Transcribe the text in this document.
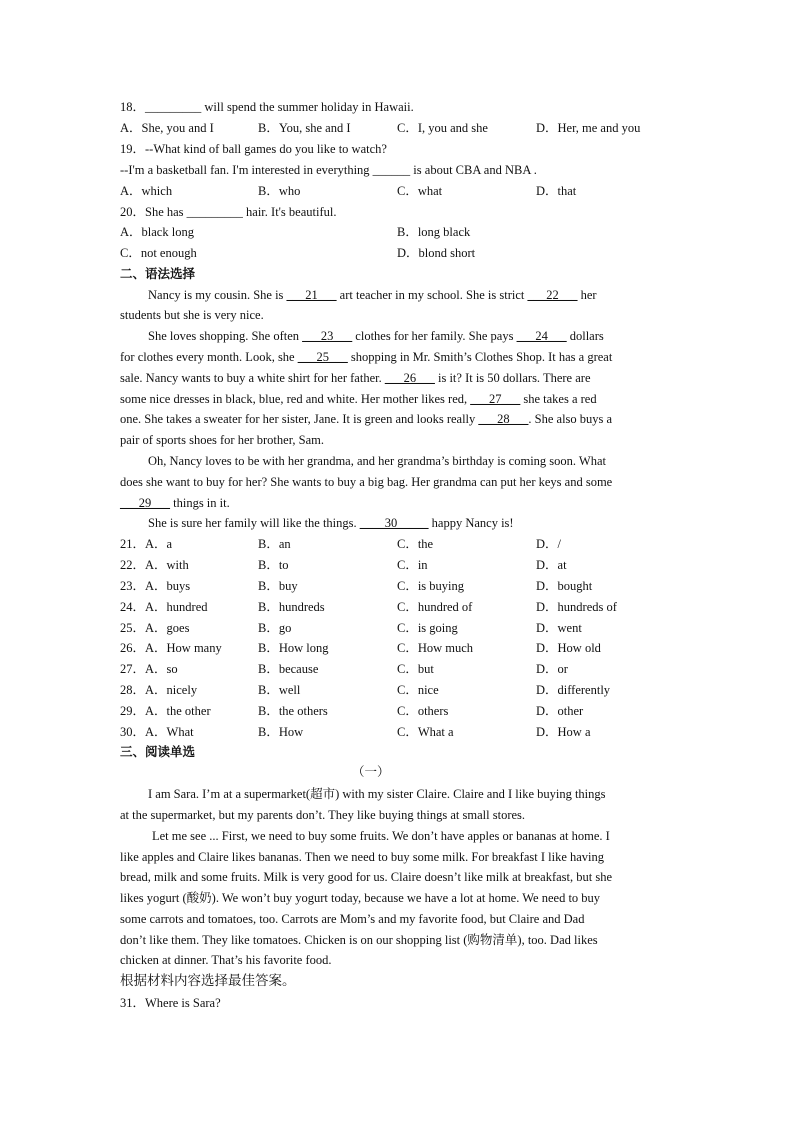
18．_________ will spend the summer holiday in Hawaii.
A．She, you and I	B．You, she and I	C．I, you and she	D．Her, me and you
19．--What kind of ball games do you like to watch?
--I'm a basketball fan. I'm interested in everything ______ is about CBA and NBA .
A．which	B．who	C．what	D．that
20．She has _________ hair. It's beautiful.
A．black long	B．long black
C．not enough	D．blond short
二、语法选择
Nancy is my cousin. She is ___21___ art teacher in my school. She is strict ___22___ her
students but she is very nice.
She loves shopping. She often ___23___ clothes for her family. She pays ___24___ dollars
for clothes every month. Look, she ___25___ shopping in Mr. Smith’s Clothes Shop. It has a great
sale. Nancy wants to buy a white shirt for her father. ___26___ is it? It is 50 dollars. There are
some nice dresses in black, blue, red and white. Her mother likes red, ___27___ she takes a red
one. She takes a sweater for her sister, Jane. It is green and looks really ___28___. She also buys a
pair of sports shoes for her brother, Sam.
Oh, Nancy loves to be with her grandma, and her grandma’s birthday is coming soon. What
does she want to buy for her? She wants to buy a big bag. Her grandma can put her keys and some
___29___ things in it.
She is sure her family will like the things. ____30_____ happy Nancy is!
21．A．a	B．an	C．the	D．/
22．A．with	B．to	C．in	D．at
23．A．buys	B．buy	C．is buying	D．bought
24．A．hundred	B．hundreds	C．hundred of	D．hundreds of
25．A．goes	B．go	C．is going	D．went
26．A．How many	B．How long	C．How much	D．How old
27．A．so	B．because	C．but	D．or
28．A．nicely	B．well	C．nice	D．differently
29．A．the other	B．the others	C．others	D．other
30．A．What	B．How	C．What a	D．How a
三、阅读单选
（一）
I am Sara. I’m at a supermarket(超市) with my sister Claire. Claire and I like buying things
at the supermarket, but my parents don’t. They like buying things at small stores.
Let me see ... First, we need to buy some fruits. We don’t have apples or bananas at home. I
like apples and Claire likes bananas. Then we need to buy some milk. For breakfast I like having
bread, milk and some fruits. Milk is very good for us. Claire doesn’t like milk at breakfast, but she
likes yogurt (酸奶). We won’t buy yogurt today, because we have a lot at home. We need to buy
some carrots and tomatoes, too. Carrots are Mom’s and my favorite food, but Claire and Dad
don’t like them. They like tomatoes. Chicken is on our shopping list (购物清单), too. Dad likes
chicken at dinner. That’s his favorite food.
根据材料内容选择最佳答案。
31．Where is Sara?
